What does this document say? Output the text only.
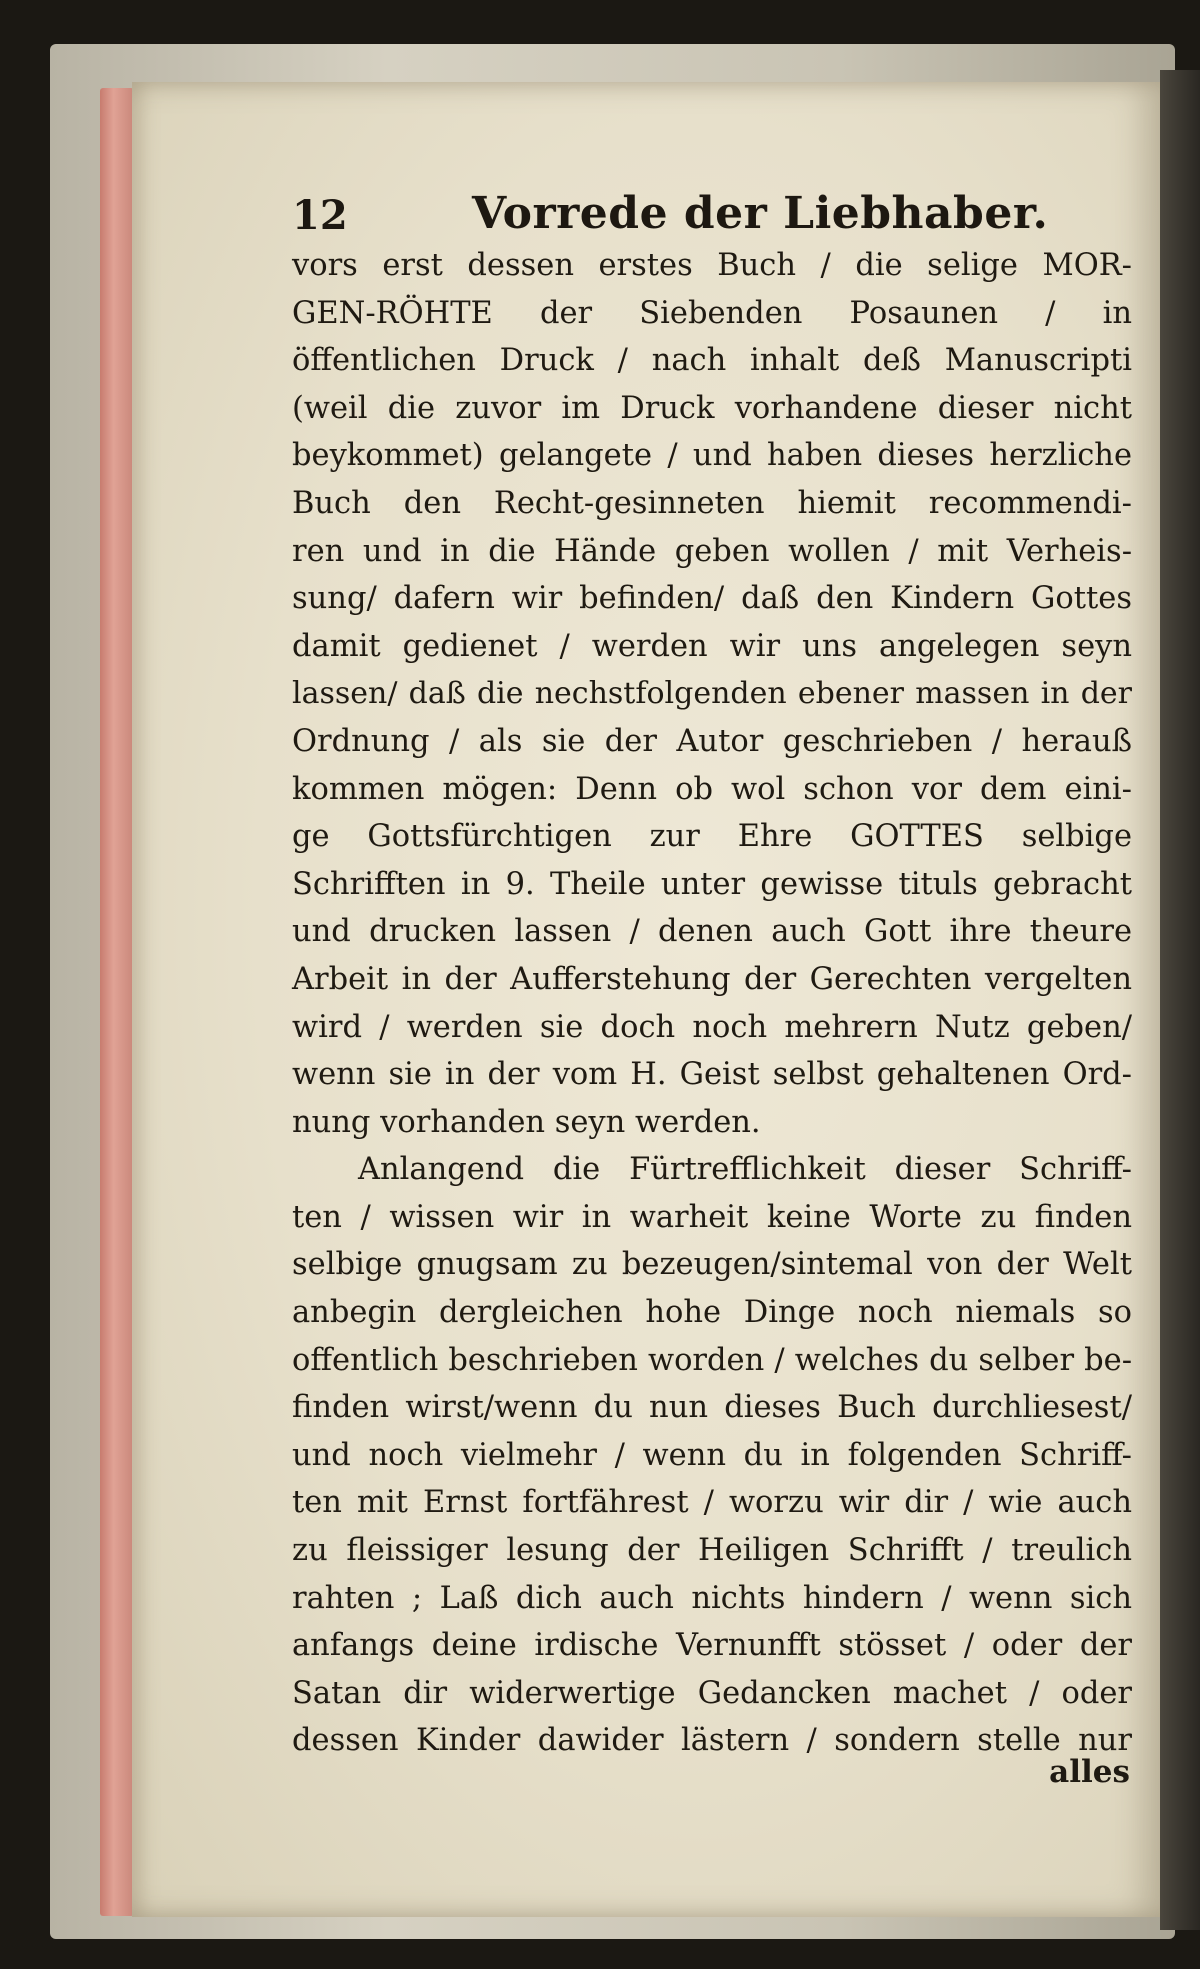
12	Vorrede der Liebhaber.
vors erst dessen erstes Buch / die selige MOR-
GEN-RÖHTE der Siebenden Posaunen / in
öffentlichen Druck / nach inhalt deß Manuscripti
(weil die zuvor im Druck vorhandene dieser nicht
beykommet) gelangete / und haben dieses herzliche
Buch den Recht-gesinneten hiemit recommendi-
ren und in die Hände geben wollen / mit Verheis-
sung/ dafern wir befinden/ daß den Kindern Gottes
damit gedienet / werden wir uns angelegen seyn
lassen/ daß die nechstfolgenden ebener massen in der
Ordnung / als sie der Autor geschrieben / herauß
kommen mögen: Denn ob wol schon vor dem eini-
ge Gottsfürchtigen zur Ehre GOTTES selbige
Schrifften in 9. Theile unter gewisse tituls gebracht
und drucken lassen / denen auch Gott ihre theure
Arbeit in der Aufferstehung der Gerechten vergelten
wird / werden sie doch noch mehrern Nutz geben/
wenn sie in der vom H. Geist selbst gehaltenen Ord-
nung vorhanden seyn werden.
Anlangend die Fürtrefflichkeit dieser Schriff-
ten / wissen wir in warheit keine Worte zu finden
selbige gnugsam zu bezeugen/sintemal von der Welt
anbegin dergleichen hohe Dinge noch niemals so
offentlich beschrieben worden / welches du selber be-
finden wirst/wenn du nun dieses Buch durchliesest/
und noch vielmehr / wenn du in folgenden Schriff-
ten mit Ernst fortfährest / worzu wir dir / wie auch
zu fleissiger lesung der Heiligen Schrifft / treulich
rahten ; Laß dich auch nichts hindern / wenn sich
anfangs deine irdische Vernunfft stösset / oder der
Satan dir widerwertige Gedancken machet / oder
dessen Kinder dawider lästern / sondern stelle nur
alles
